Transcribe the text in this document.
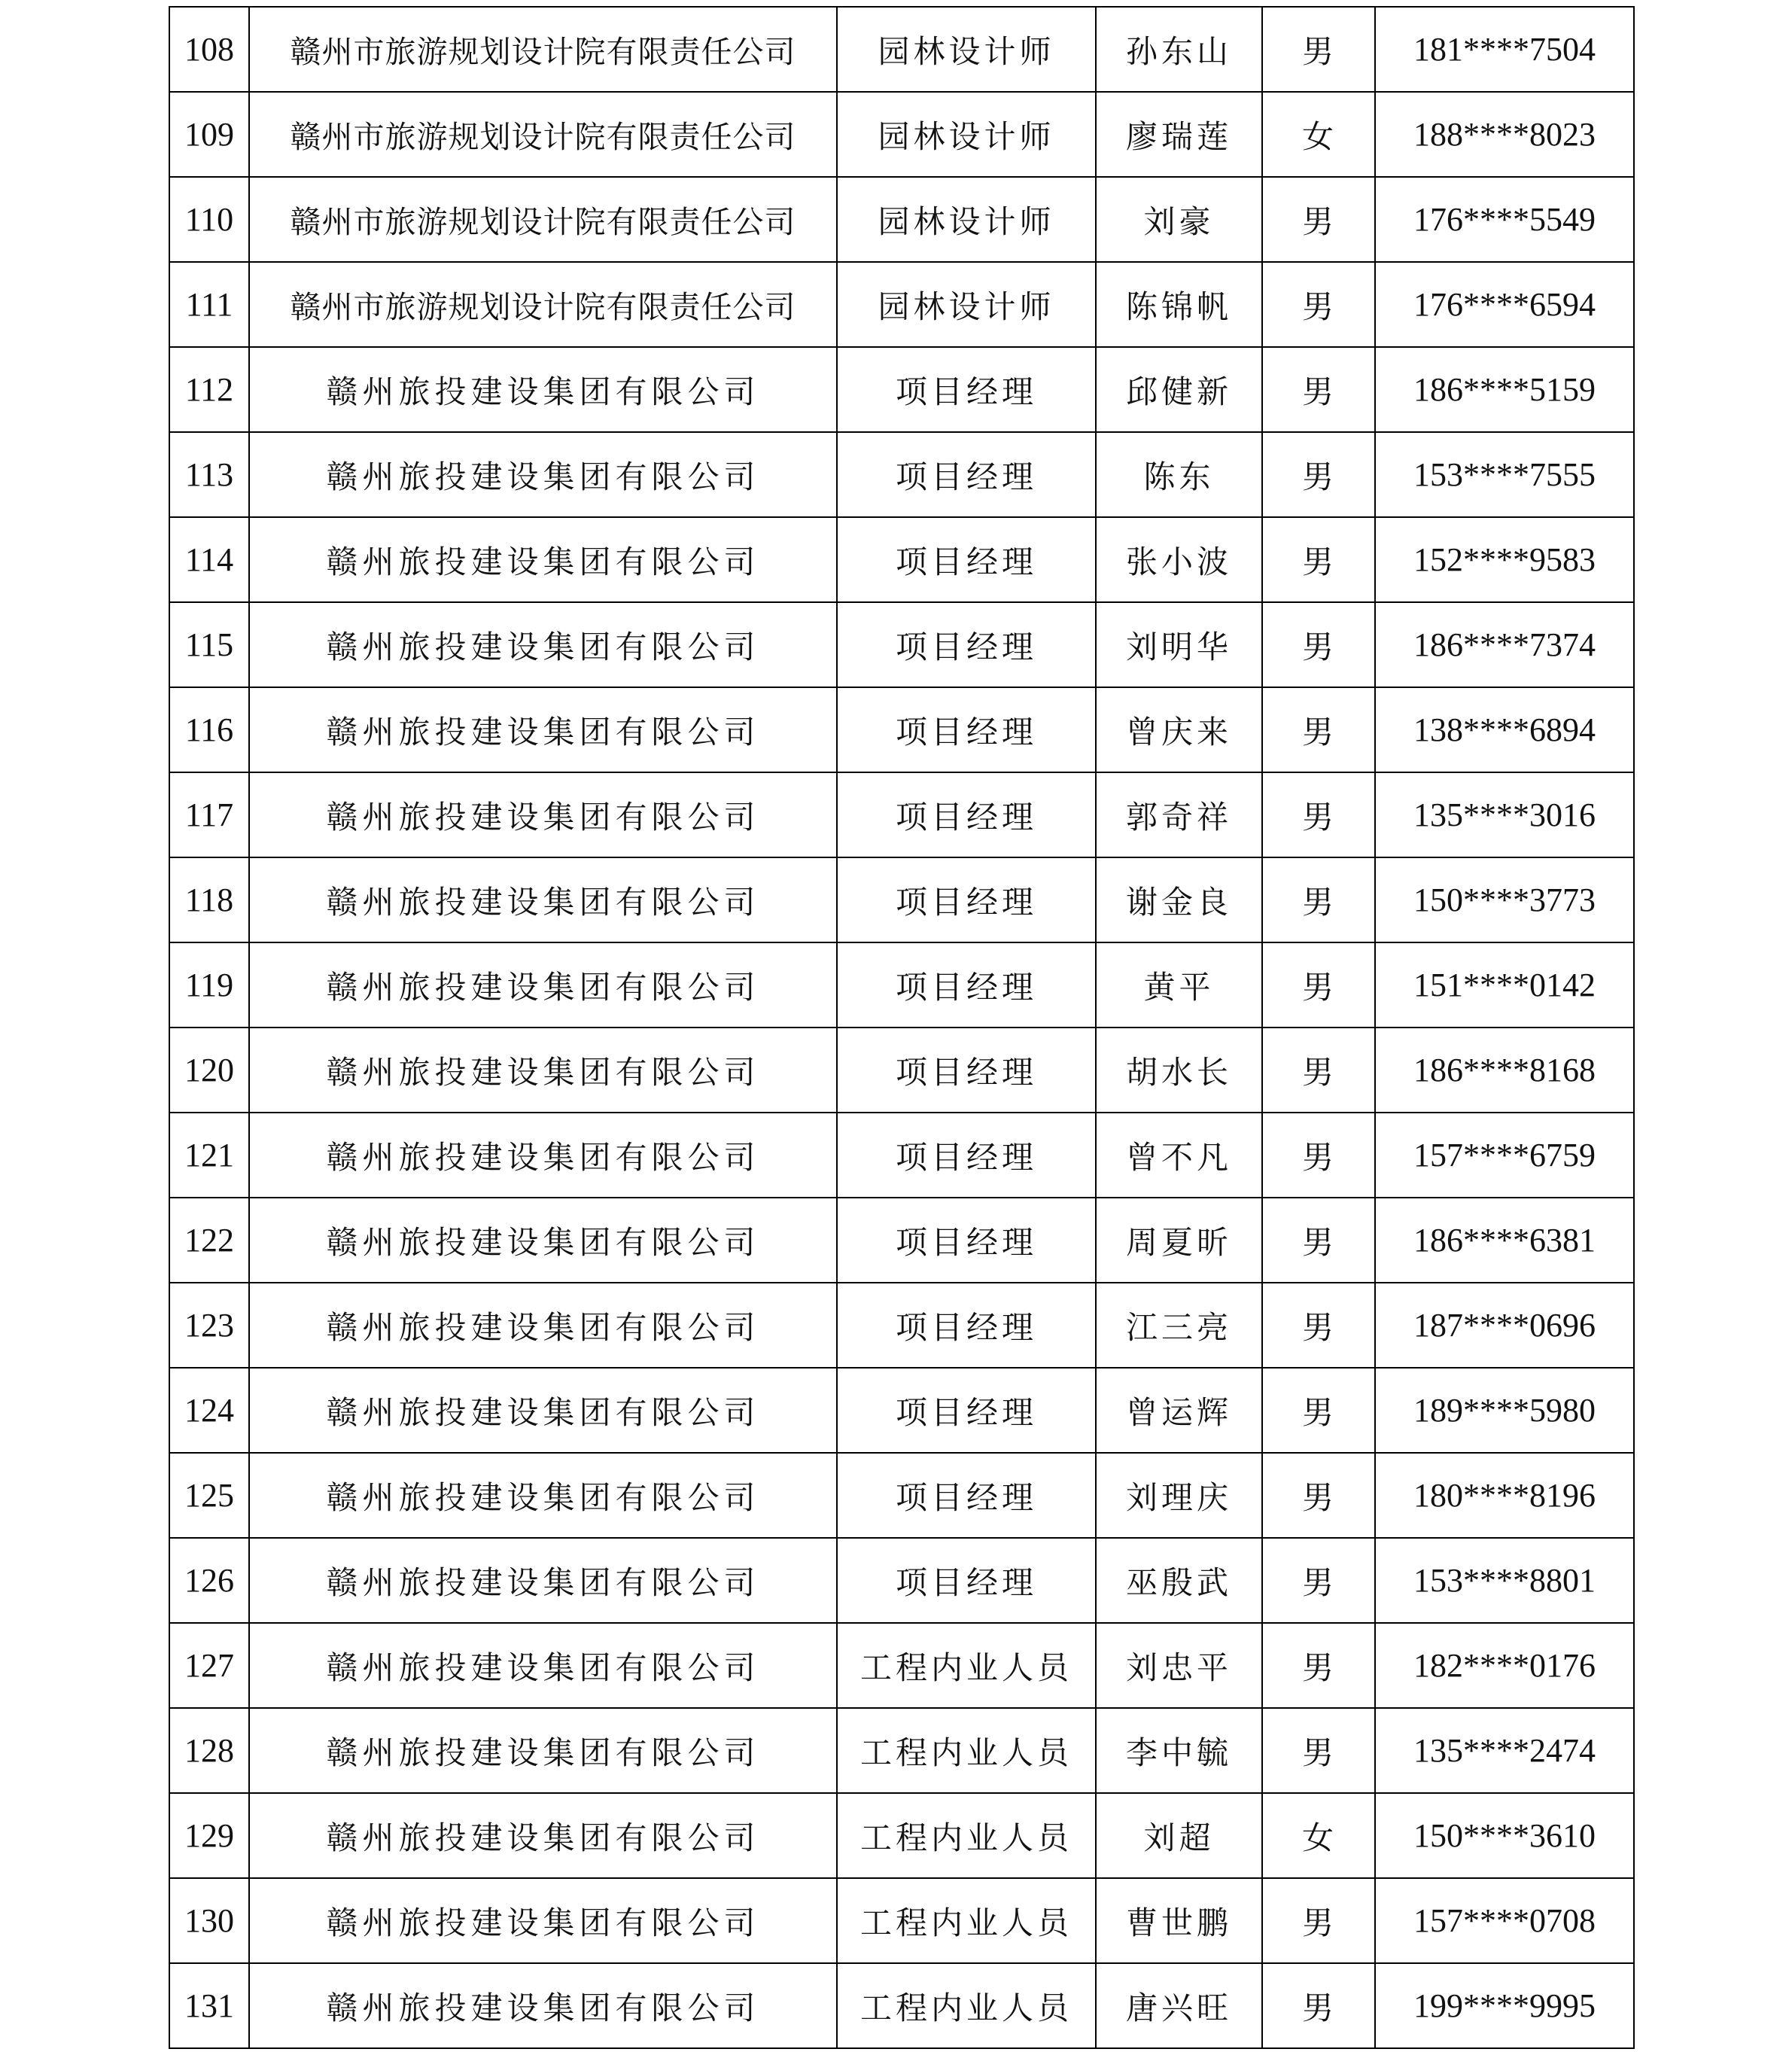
108	赣州市旅游规划设计院有限责任公司	园林设计师	孙东山	男	181****7504
109	赣州市旅游规划设计院有限责任公司	园林设计师	廖瑞莲	女	188****8023
110	赣州市旅游规划设计院有限责任公司	园林设计师	刘豪	男	176****5549
111	赣州市旅游规划设计院有限责任公司	园林设计师	陈锦帆	男	176****6594
112	赣州旅投建设集团有限公司	项目经理	邱健新	男	186****5159
113	赣州旅投建设集团有限公司	项目经理	陈东	男	153****7555
114	赣州旅投建设集团有限公司	项目经理	张小波	男	152****9583
115	赣州旅投建设集团有限公司	项目经理	刘明华	男	186****7374
116	赣州旅投建设集团有限公司	项目经理	曾庆来	男	138****6894
117	赣州旅投建设集团有限公司	项目经理	郭奇祥	男	135****3016
118	赣州旅投建设集团有限公司	项目经理	谢金良	男	150****3773
119	赣州旅投建设集团有限公司	项目经理	黄平	男	151****0142
120	赣州旅投建设集团有限公司	项目经理	胡水长	男	186****8168
121	赣州旅投建设集团有限公司	项目经理	曾不凡	男	157****6759
122	赣州旅投建设集团有限公司	项目经理	周夏昕	男	186****6381
123	赣州旅投建设集团有限公司	项目经理	江三亮	男	187****0696
124	赣州旅投建设集团有限公司	项目经理	曾运辉	男	189****5980
125	赣州旅投建设集团有限公司	项目经理	刘理庆	男	180****8196
126	赣州旅投建设集团有限公司	项目经理	巫殷武	男	153****8801
127	赣州旅投建设集团有限公司	工程内业人员	刘忠平	男	182****0176
128	赣州旅投建设集团有限公司	工程内业人员	李中毓	男	135****2474
129	赣州旅投建设集团有限公司	工程内业人员	刘超	女	150****3610
130	赣州旅投建设集团有限公司	工程内业人员	曹世鹏	男	157****0708
131	赣州旅投建设集团有限公司	工程内业人员	唐兴旺	男	199****9995
